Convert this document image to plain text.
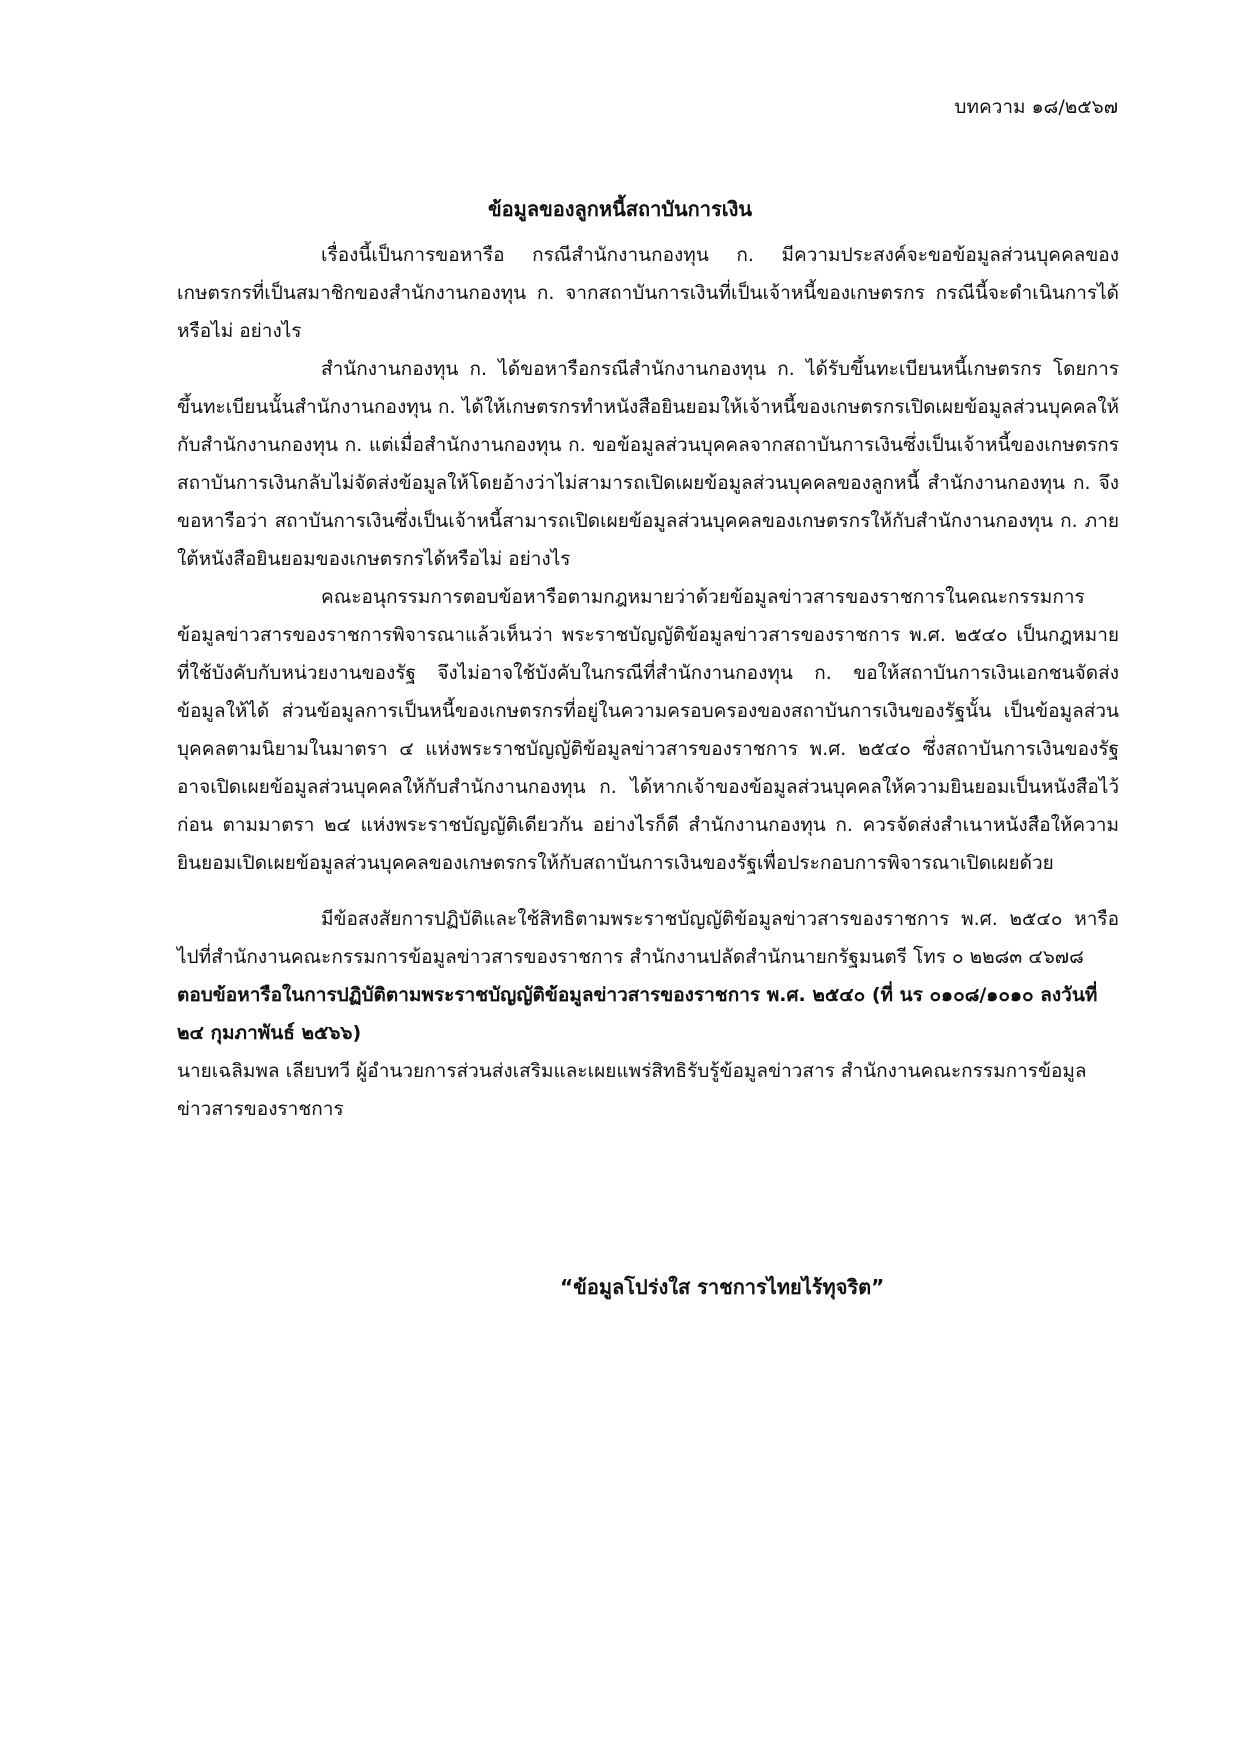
บทความ ๑๘/๒๕๖๗
ข้อมูลของลูกหนี้สถาบันการเงิน

เรื่องนี้เป็นการขอหารือ กรณีสำนักงานกองทุน ก. มีความประสงค์จะขอข้อมูลส่วนบุคคลของเกษตรกรที่เป็นสมาชิกของสำนักงานกองทุน ก. จากสถาบันการเงินที่เป็นเจ้าหนี้ของเกษตรกร กรณีนี้จะดำเนินการได้หรือไม่ อย่างไร

สำนักงานกองทุน ก. ได้ขอหารือกรณีสำนักงานกองทุน ก. ได้รับขึ้นทะเบียนหนี้เกษตรกร โดยการขึ้นทะเบียนนั้นสำนักงานกองทุน ก. ได้ให้เกษตรกรทำหนังสือยินยอมให้เจ้าหนี้ของเกษตรกรเปิดเผยข้อมูลส่วนบุคคลให้กับสำนักงานกองทุน ก. แต่เมื่อสำนักงานกองทุน ก. ขอข้อมูลส่วนบุคคลจากสถาบันการเงินซึ่งเป็นเจ้าหนี้ของเกษตรกร สถาบันการเงินกลับไม่จัดส่งข้อมูลให้โดยอ้างว่าไม่สามารถเปิดเผยข้อมูลส่วนบุคคลของลูกหนี้ สำนักงานกองทุน ก. จึงขอหารือว่า สถาบันการเงินซึ่งเป็นเจ้าหนี้สามารถเปิดเผยข้อมูลส่วนบุคคลของเกษตรกรให้กับสำนักงานกองทุน ก. ภายใต้หนังสือยินยอมของเกษตรกรได้หรือไม่ อย่างไร

คณะอนุกรรมการตอบข้อหารือตามกฎหมายว่าด้วยข้อมูลข่าวสารของราชการในคณะกรรมการข้อมูลข่าวสารของราชการพิจารณาแล้วเห็นว่า พระราชบัญญัติข้อมูลข่าวสารของราชการ พ.ศ. ๒๕๔๐ เป็นกฎหมายที่ใช้บังคับกับหน่วยงานของรัฐ จึงไม่อาจใช้บังคับในกรณีที่สำนักงานกองทุน ก. ขอให้สถาบันการเงินเอกชนจัดส่งข้อมูลให้ได้ ส่วนข้อมูลการเป็นหนี้ของเกษตรกรที่อยู่ในความครอบครองของสถาบันการเงินของรัฐนั้น เป็นข้อมูลส่วนบุคคลตามนิยามในมาตรา ๔ แห่งพระราชบัญญัติข้อมูลข่าวสารของราชการ พ.ศ. ๒๕๔๐ ซึ่งสถาบันการเงินของรัฐอาจเปิดเผยข้อมูลส่วนบุคคลให้กับสำนักงานกองทุน ก. ได้หากเจ้าของข้อมูลส่วนบุคคลให้ความยินยอมเป็นหนังสือไว้ก่อน ตามมาตรา ๒๔ แห่งพระราชบัญญัติเดียวกัน อย่างไรก็ดี สำนักงานกองทุน ก. ควรจัดส่งสำเนาหนังสือให้ความยินยอมเปิดเผยข้อมูลส่วนบุคคลของเกษตรกรให้กับสถาบันการเงินของรัฐเพื่อประกอบการพิจารณาเปิดเผยด้วย

มีข้อสงสัยการปฏิบัติและใช้สิทธิตามพระราชบัญญัติข้อมูลข่าวสารของราชการ พ.ศ. ๒๕๔๐ หารือไปที่สำนักงานคณะกรรมการข้อมูลข่าวสารของราชการ สำนักงานปลัดสำนักนายกรัฐมนตรี โทร ๐ ๒๒๘๓ ๔๖๗๘

ตอบข้อหารือในการปฏิบัติตามพระราชบัญญัติข้อมูลข่าวสารของราชการ พ.ศ. ๒๕๔๐ (ที่ นร ๐๑๐๘/๑๐๑๐ ลงวันที่ ๒๔ กุมภาพันธ์ ๒๕๖๖)

นายเฉลิมพล เลียบทวี ผู้อำนวยการส่วนส่งเสริมและเผยแพร่สิทธิรับรู้ข้อมูลข่าวสาร สำนักงานคณะกรรมการข้อมูลข่าวสารของราชการ

“ข้อมูลโปร่งใส ราชการไทยไร้ทุจริต”
